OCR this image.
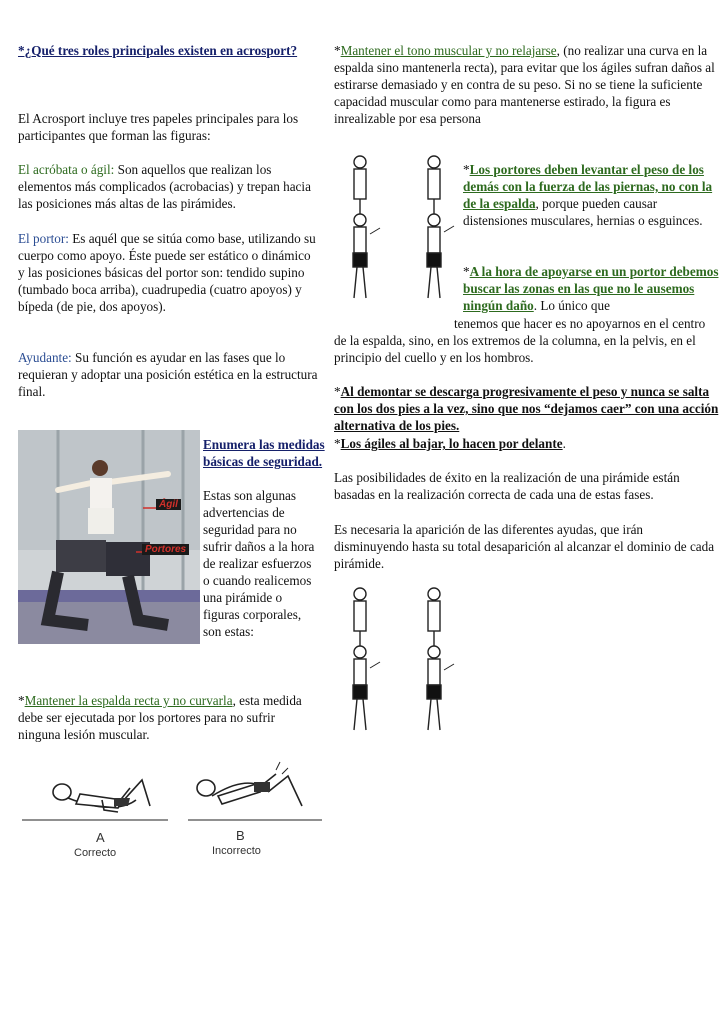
*¿Qué tres roles principales existen en acrosport?

El Acrosport incluye tres papeles principales para los participantes que forman las figuras:

El acróbata o ágil: Son aquellos que realizan los elementos más complicados (acrobacias) y trepan hacia las posiciones más altas de las pirámides.

El portor: Es aquél que se sitúa como base, utilizando su cuerpo como apoyo. Éste puede ser estático o dinámico y las posiciones básicas del portor son: tendido supino (tumbado boca arriba), cuadrupedia (cuatro apoyos) y bípeda (de pie, dos apoyos).

Ayudante: Su función es ayudar en las fases que lo requieran y adoptar una posición estética en la estructura final.

Ágil
Portores

Enumera las medidas básicas de seguridad.

Estas son algunas advertencias de seguridad para no sufrir daños a la hora de realizar esfuerzos o cuando realicemos una pirámide o figuras corporales, son estas:

*Mantener la espalda recta y no curvarla, esta medida debe ser ejecutada por los portores para no sufrir ninguna lesión muscular.

A
Correcto
B
Incorrecto

*Mantener el tono muscular y no relajarse, (no realizar una curva en la espalda sino mantenerla recta), para evitar que los ágiles sufran daños al estirarse demasiado y en contra de su peso. Si no se tiene la suficiente capacidad muscular como para mantenerse estirado, la figura es inrealizable por esa persona

*Los portores deben levantar el peso de los demás con la fuerza de las piernas, no con la de la espalda, porque pueden causar distensiones musculares, hernias o esguinces.

*A la hora de apoyarse en un portor debemos buscar las zonas en las que no le ausemos ningún daño. Lo único que

tenemos que hacer es no apoyarnos en el centro de la espalda, sino, en los extremos de la columna, en la pelvis, en el principio del cuello y en los hombros.

*Al demontar se descarga progresivamente el peso y nunca se salta con los dos pies a la vez, sino que nos “dejamos caer” con una acción alternativa de los pies.

*Los ágiles al bajar, lo hacen por delante.

Las posibilidades de éxito en la realización de una pirámide están basadas en la realización correcta de cada una de estas fases.

Es necesaria la aparición de las diferentes ayudas, que irán disminuyendo hasta su total desaparición al alcanzar el dominio de cada pirámide.
